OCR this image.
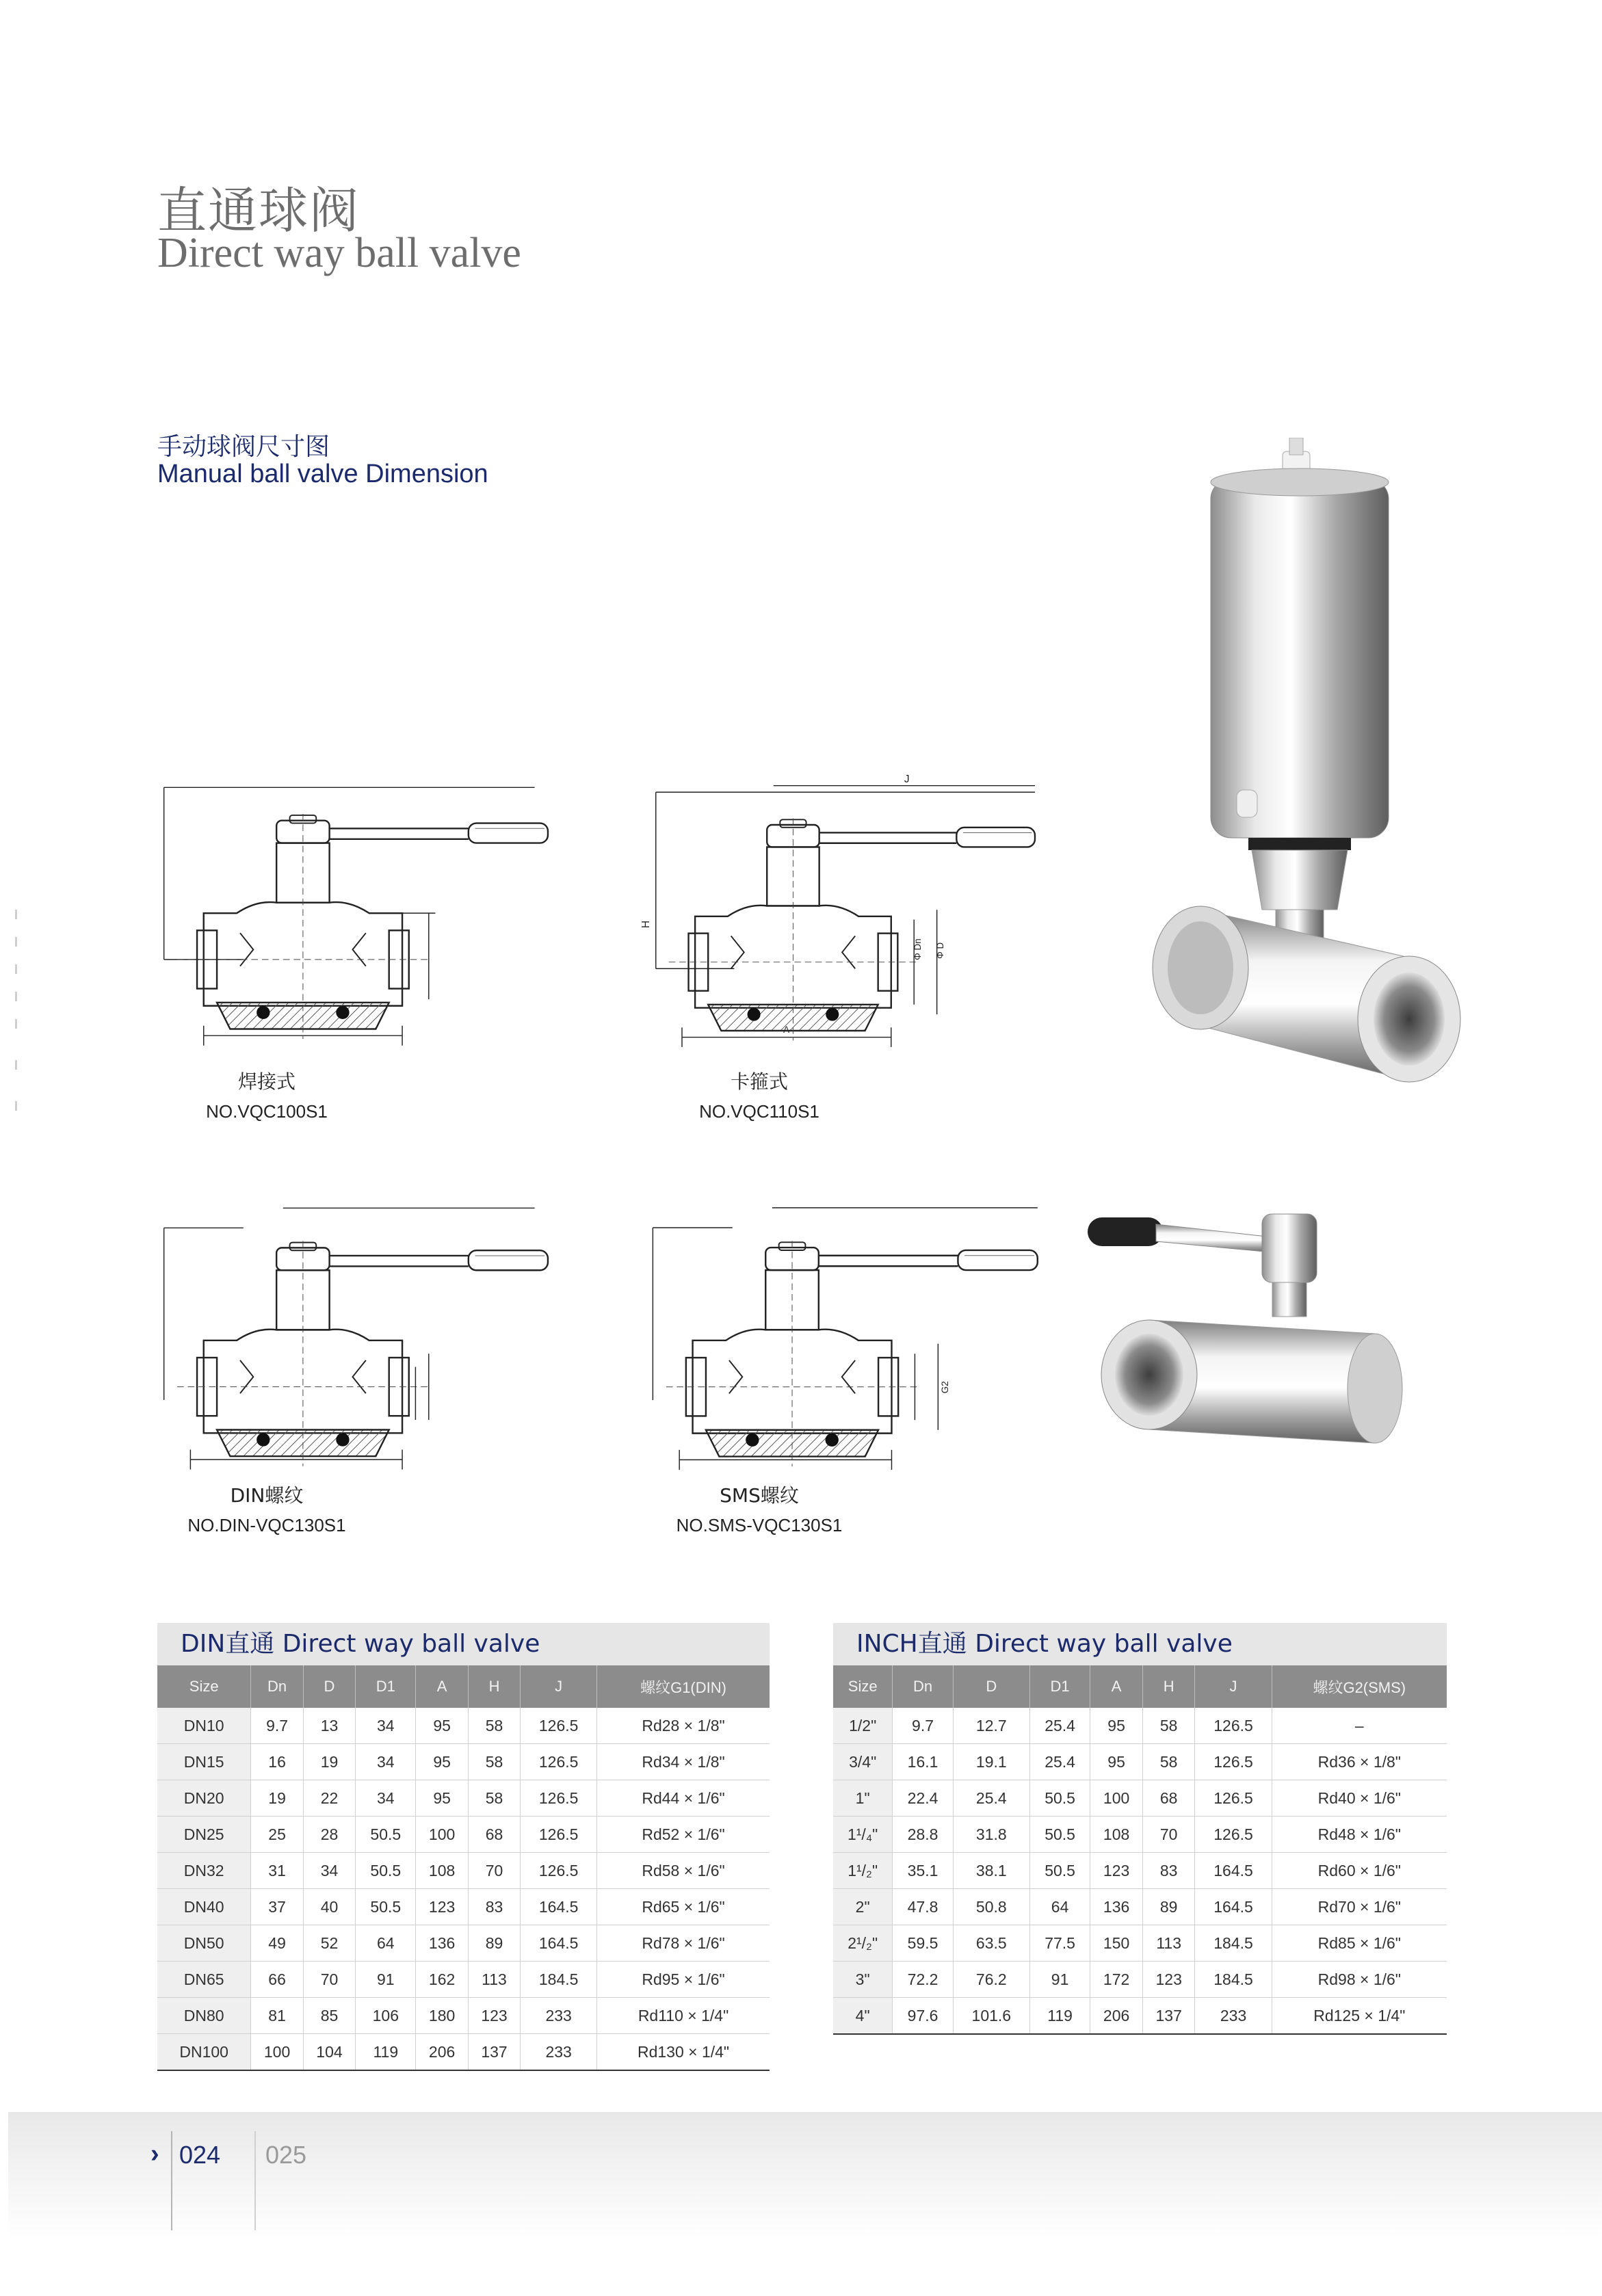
直通球阀
Direct way ball valve
手动球阀尺寸图
Manual ball valve Dimension
焊接式
NO.VQC100S1
J
H
Φ Dn Φ D
A
卡箍式
NO.VQC110S1
DIN螺纹
NO.DIN-VQC130S1
G2
SMS螺纹
NO.SMS-VQC130S1
DIN直通 Direct way ball valve
Size	Dn	D	D1	A	H	J	螺纹G1(DIN)
DN10	9.7	13	34	95	58	126.5	Rd28 × 1/8"
DN15	16	19	34	95	58	126.5	Rd34 × 1/8"
DN20	19	22	34	95	58	126.5	Rd44 × 1/6"
DN25	25	28	50.5	100	68	126.5	Rd52 × 1/6"
DN32	31	34	50.5	108	70	126.5	Rd58 × 1/6"
DN40	37	40	50.5	123	83	164.5	Rd65 × 1/6"
DN50	49	52	64	136	89	164.5	Rd78 × 1/6"
DN65	66	70	91	162	113	184.5	Rd95 × 1/6"
DN80	81	85	106	180	123	233	Rd110 × 1/4"
DN100	100	104	119	206	137	233	Rd130 × 1/4"
INCH直通 Direct way ball valve
Size	Dn	D	D1	A	H	J	螺纹G2(SMS)
1/2"	9.7	12.7	25.4	95	58	126.5	–
3/4"	16.1	19.1	25.4	95	58	126.5	Rd36 × 1/8"
1"	22.4	25.4	50.5	100	68	126.5	Rd40 × 1/6"
1¹/₄"	28.8	31.8	50.5	108	70	126.5	Rd48 × 1/6"
1¹/₂"	35.1	38.1	50.5	123	83	164.5	Rd60 × 1/6"
2"	47.8	50.8	64	136	89	164.5	Rd70 × 1/6"
2¹/₂"	59.5	63.5	77.5	150	113	184.5	Rd85 × 1/6"
3"	72.2	76.2	91	172	123	184.5	Rd98 × 1/6"
4"	97.6	101.6	119	206	137	233	Rd125 × 1/4"
› 024 025
